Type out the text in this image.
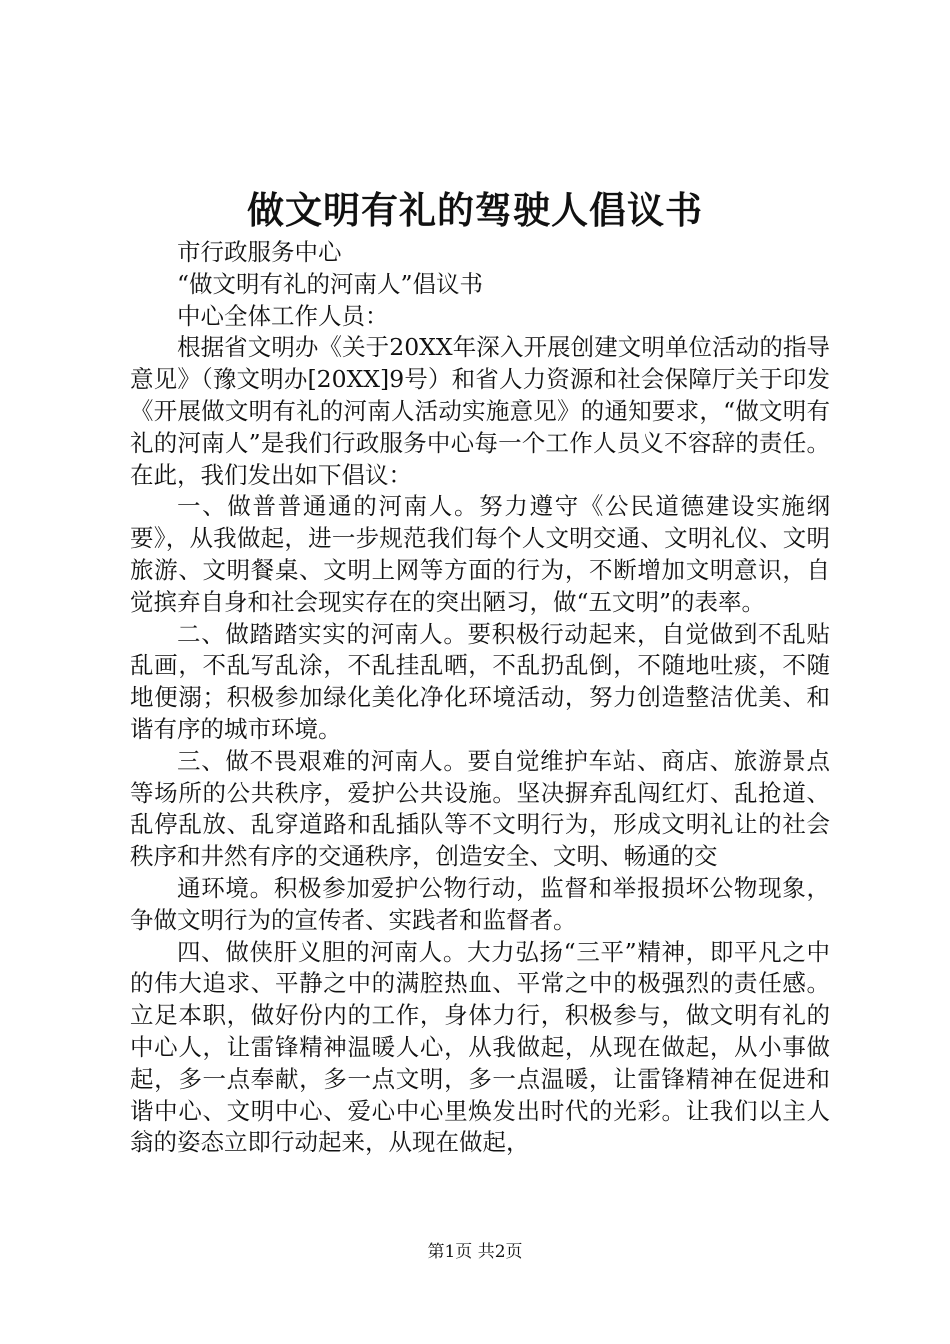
做文明有礼的驾驶人倡议书

市行政服务中心

“做文明有礼的河南人”倡议书

中心全体工作人员：

根据省文明办《关于20XX年深入开展创建文明单位活动的指导意见》（豫文明办[20XX]9号）和省人力资源和社会保障厅关于印发《开展做文明有礼的河南人活动实施意见》的通知要求，“做文明有礼的河南人”是我们行政服务中心每一个工作人员义不容辞的责任。在此，我们发出如下倡议：

一、做普普通通的河南人。努力遵守《公民道德建设实施纲要》，从我做起，进一步规范我们每个人文明交通、文明礼仪、文明旅游、文明餐桌、文明上网等方面的行为，不断增加文明意识，自觉摈弃自身和社会现实存在的突出陋习，做“五文明”的表率。

二、做踏踏实实的河南人。要积极行动起来，自觉做到不乱贴乱画，不乱写乱涂，不乱挂乱晒，不乱扔乱倒，不随地吐痰，不随地便溺；积极参加绿化美化净化环境活动，努力创造整洁优美、和谐有序的城市环境。

三、做不畏艰难的河南人。要自觉维护车站、商店、旅游景点等场所的公共秩序，爱护公共设施。坚决摒弃乱闯红灯、乱抢道、乱停乱放、乱穿道路和乱插队等不文明行为，形成文明礼让的社会秩序和井然有序的交通秩序，创造安全、文明、畅通的交

通环境。积极参加爱护公物行动，监督和举报损坏公物现象，争做文明行为的宣传者、实践者和监督者。

四、做侠肝义胆的河南人。大力弘扬“三平”精神，即平凡之中的伟大追求、平静之中的满腔热血、平常之中的极强烈的责任感。立足本职，做好份内的工作，身体力行，积极参与，做文明有礼的中心人，让雷锋精神温暖人心，从我做起，从现在做起，从小事做起，多一点奉献，多一点文明，多一点温暖，让雷锋精神在促进和谐中心、文明中心、爱心中心里焕发出时代的光彩。让我们以主人翁的姿态立即行动起来，从现在做起，

第1页 共2页
